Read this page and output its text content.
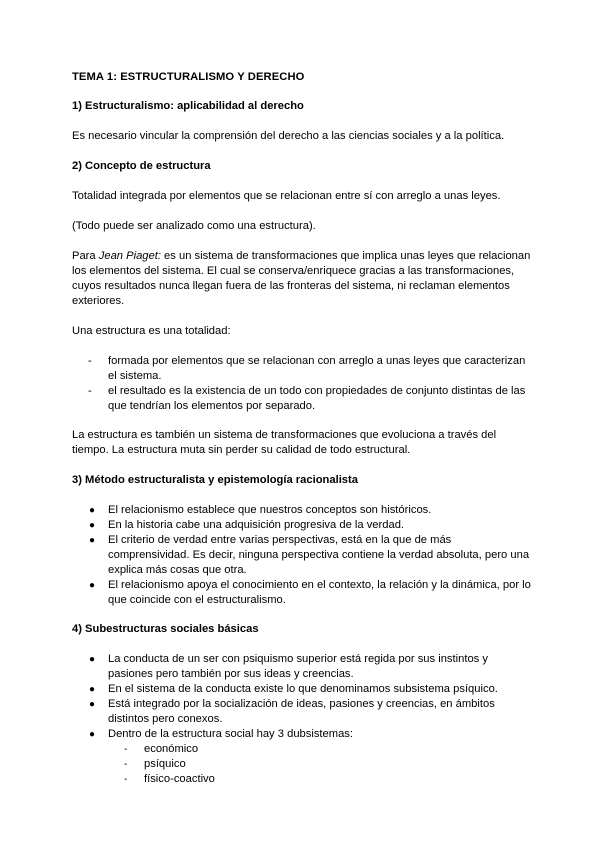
TEMA 1: ESTRUCTURALISMO Y DERECHO
1) Estructuralismo: aplicabilidad al derecho
Es necesario vincular la comprensión del derecho a las ciencias sociales y a la política.
2) Concepto de estructura
Totalidad integrada por elementos que se relacionan entre sí con arreglo a unas leyes.
(Todo puede ser analizado como una estructura).
Para Jean Piaget: es un sistema de transformaciones que implica unas leyes que relacionan los elementos del sistema. El cual se conserva/enriquece gracias a las transformaciones, cuyos resultados nunca llegan fuera de las fronteras del sistema, ni reclaman elementos exteriores.
Una estructura es una totalidad:
- formada por elementos que se relacionan con arreglo a unas leyes que caracterizan el sistema.
- el resultado es la existencia de un todo con propiedades de conjunto distintas de las que tendrían los elementos por separado.
La estructura es también un sistema de transformaciones que evoluciona a través del tiempo. La estructura muta sin perder su calidad de todo estructural.
3) Método estructuralista y epistemología racionalista
● El relacionismo establece que nuestros conceptos son históricos.
● En la historia cabe una adquisición progresiva de la verdad.
● El criterio de verdad entre varias perspectivas, está en la que de más comprensividad. Es decir, ninguna perspectiva contiene la verdad absoluta, pero una explica más cosas que otra.
● El relacionismo apoya el conocimiento en el contexto, la relación y la dinámica, por lo que coincide con el estructuralismo.
4) Subestructuras sociales básicas
● La conducta de un ser con psiquismo superior está regida por sus instintos y pasiones pero también por sus ideas y creencias.
● En el sistema de la conducta existe lo que denominamos subsistema psíquico.
● Está integrado por la socialización de ideas, pasiones y creencias, en ámbitos distintos pero conexos.
● Dentro de la estructura social hay 3 dubsistemas:
- económico
- psíquico
- físico-coactivo
